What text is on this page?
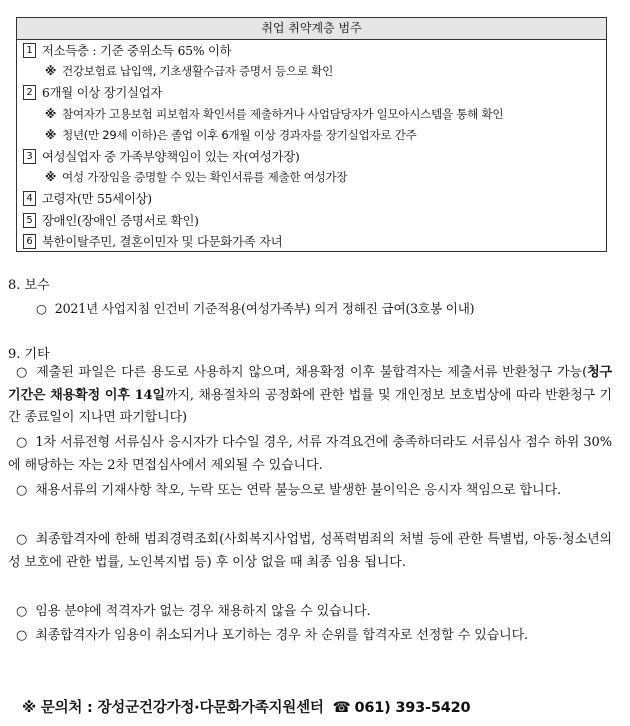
취업 취약계층 범주
1 저소득층 : 기준 중위소득 65% 이하
※ 건강보험료 납입액, 기초생활수급자 증명서 등으로 확인
2 6개월 이상 장기실업자
※ 참여자가 고용보험 피보험자 확인서를 제출하거나 사업담당자가 일모아시스템을 통해 확인
※ 청년(만 29세 이하)은 졸업 이후 6개월 이상 경과자를 장기실업자로 간주
3 여성실업자 중 가족부양책임이 있는 자(여성가장)
※ 여성 가장임을 증명할 수 있는 확인서류를 제출한 여성가장
4 고령자(만 55세이상)
5 장애인(장애인 증명서로 확인)
6 북한이탈주민, 결혼이민자 및 다문화가족 자녀
8. 보수
○ 2021년 사업지침 인건비 기준적용(여성가족부) 의거 정해진 급여(3호봉 이내)
9. 기타
○ 제출된 파일은 다른 용도로 사용하지 않으며, 채용확정 이후 불합격자는 제출서류 반환청구 가능(청구 기간은 채용확정 이후 14일까지, 채용절차의 공정화에 관한 법률 및 개인정보 보호법상에 따라 반환청구 기간 종료일이 지나면 파기합니다)
○ 1차 서류전형 서류심사 응시자가 다수일 경우, 서류 자격요건에 충족하더라도 서류심사 점수 하위 30%에 해당하는 자는 2차 면접심사에서 제외될 수 있습니다.
○ 채용서류의 기재사항 착오, 누락 또는 연락 불능으로 발생한 불이익은 응시자 책임으로 합니다.
○ 최종합격자에 한해 범죄경력조회(사회복지사업법, 성폭력범죄의 처벌 등에 관한 특별법, 아동·청소년의 성 보호에 관한 법률, 노인복지법 등) 후 이상 없을 때 최종 임용 됩니다.
○ 임용 분야에 적격자가 없는 경우 채용하지 않을 수 있습니다.
○ 최종합격자가 임용이 취소되거나 포기하는 경우 차 순위를 합격자로 선정할 수 있습니다.
※ 문의처 : 장성군건강가정·다문화가족지원센터 ☎ 061) 393-5420
